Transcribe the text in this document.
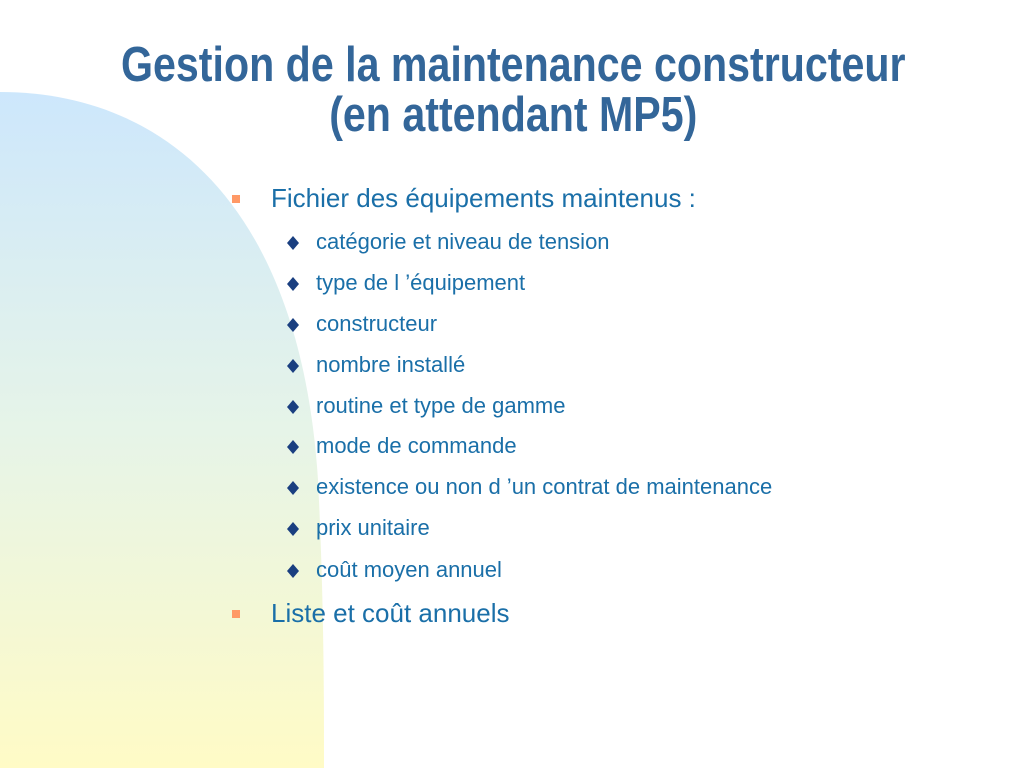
Gestion de la maintenance constructeur
(en attendant MP5)
Fichier des équipements maintenus :
catégorie et niveau de tension
type de l ’équipement
constructeur
nombre installé
routine et type de gamme
mode de commande
existence ou non d ’un contrat de maintenance
prix unitaire
coût moyen annuel
Liste et coût annuels
